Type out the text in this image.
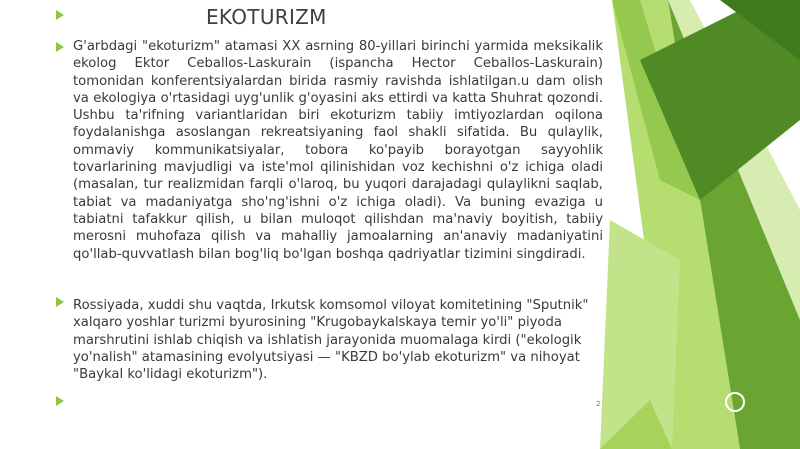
EKOTURIZM
G'arbdagi "ekoturizm" atamasi XX asrning 80-yillari birinchi yarmida meksikalik ekolog Ektor Ceballos-Laskurain (ispancha Hector Ceballos-Laskurain) tomonidan konferentsiyalardan birida rasmiy ravishda ishlatilgan.u dam olish va ekologiya o'rtasidagi uyg'unlik g'oyasini aks ettirdi va katta Shuhrat qozondi. Ushbu ta'rifning variantlaridan biri ekoturizm tabiiy imtiyozlardan oqilona foydalanishga asoslangan rekreatsiyaning faol shakli sifatida. Bu qulaylik, ommaviy kommunikatsiyalar, tobora ko'payib borayotgan sayyohlik tovarlarining mavjudligi va iste'mol qilinishidan voz kechishni o'z ichiga oladi (masalan, tur realizmidan farqli o'laroq, bu yuqori darajadagi qulaylikni saqlab, tabiat va madaniyatga sho'ng'ishni o'z ichiga oladi). Va buning evaziga u tabiatni tafakkur qilish, u bilan muloqot qilishdan ma'naviy boyitish, tabiiy merosni muhofaza qilish va mahalliy jamoalarning an'anaviy madaniyatini qo'llab-quvvatlash bilan bog'liq bo'lgan boshqa qadriyatlar tizimini singdiradi.
Rossiyada, xuddi shu vaqtda, Irkutsk komsomol viloyat komitetining "Sputnik" xalqaro yoshlar turizmi byurosining "Krugobaykalskaya temir yo'li" piyoda marshrutini ishlab chiqish va ishlatish jarayonida muomalaga kirdi ("ekologik yo'nalish" atamasining evolyutsiyasi — "KBZD bo'ylab ekoturizm" va nihoyat "Baykal ko'lidagi ekoturizm").
2
